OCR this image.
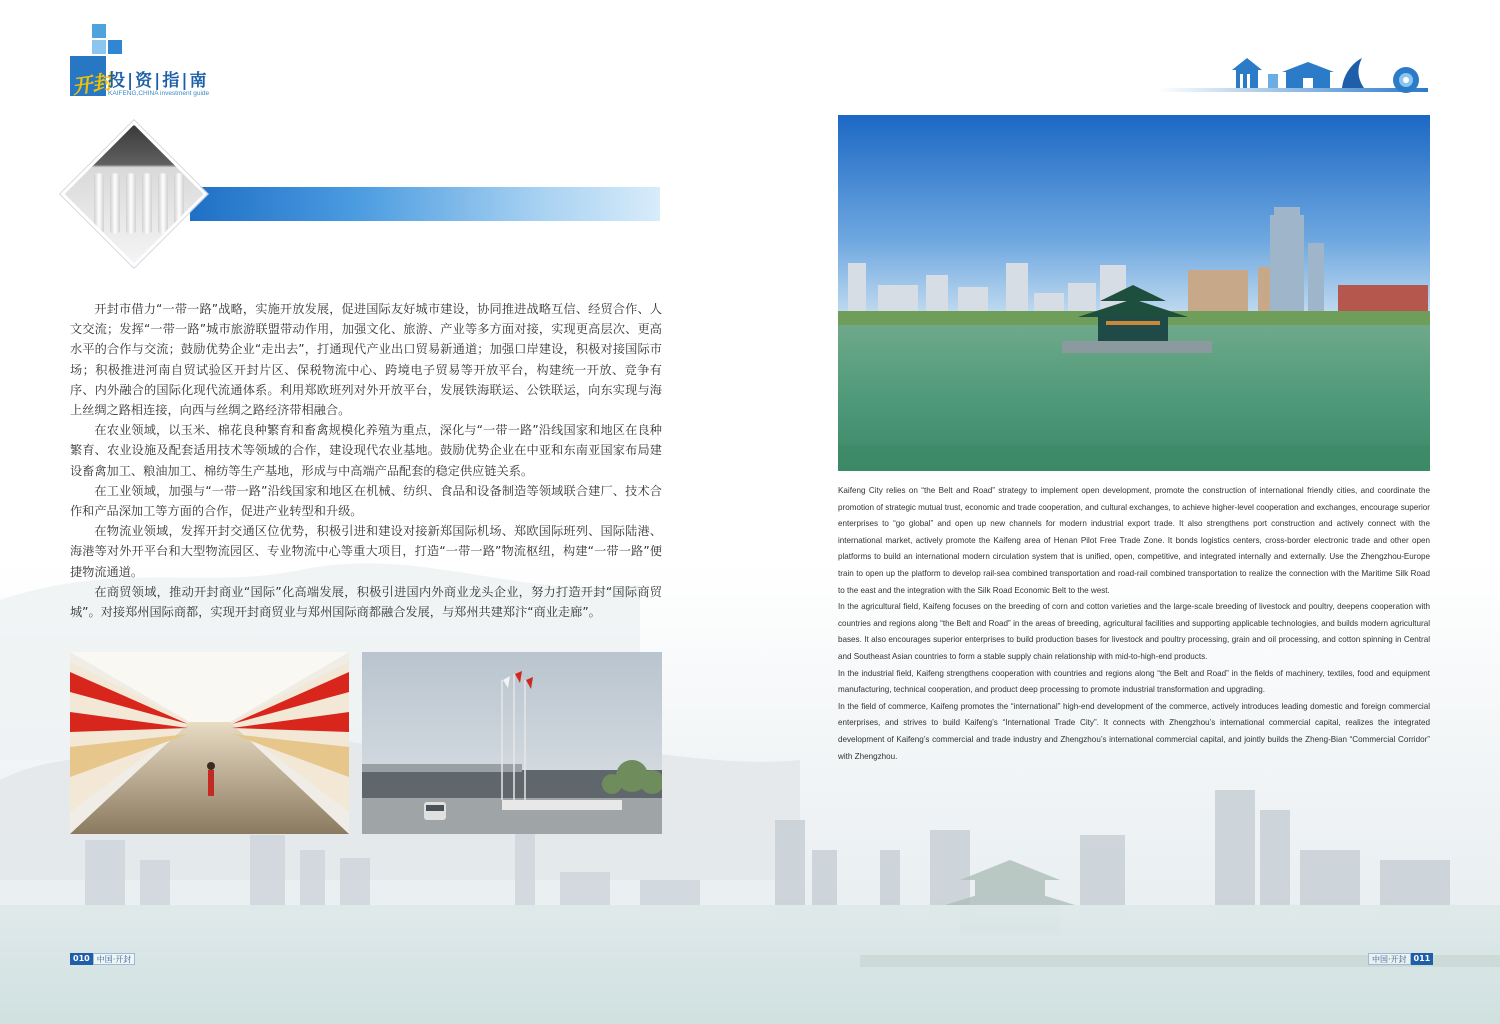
开封
投|资|指|南
KAIFENG,CHINA investment guide

开封市借力“一带一路”战略，实施开放发展，促进国际友好城市建设，协同推进战略互信、经贸合作、人文交流；发挥“一带一路”城市旅游联盟带动作用，加强文化、旅游、产业等多方面对接，实现更高层次、更高水平的合作与交流；鼓励优势企业“走出去”，打通现代产业出口贸易新通道；加强口岸建设，积极对接国际市场；积极推进河南自贸试验区开封片区、保税物流中心、跨境电子贸易等开放平台，构建统一开放、竞争有序、内外融合的国际化现代流通体系。利用郑欧班列对外开放平台，发展铁海联运、公铁联运，向东实现与海上丝绸之路相连接，向西与丝绸之路经济带相融合。

在农业领域，以玉米、棉花良种繁育和畜禽规模化养殖为重点，深化与“一带一路”沿线国家和地区在良种繁育、农业设施及配套适用技术等领域的合作，建设现代农业基地。鼓励优势企业在中亚和东南亚国家布局建设畜禽加工、粮油加工、棉纺等生产基地，形成与中高端产品配套的稳定供应链关系。

在工业领域，加强与“一带一路”沿线国家和地区在机械、纺织、食品和设备制造等领域联合建厂、技术合作和产品深加工等方面的合作，促进产业转型和升级。

在物流业领域，发挥开封交通区位优势，积极引进和建设对接新郑国际机场、郑欧国际班列、国际陆港、海港等对外开平台和大型物流园区、专业物流中心等重大项目，打造“一带一路”物流枢纽，构建“一带一路”便捷物流通道。

在商贸领域，推动开封商业“国际”化高端发展，积极引进国内外商业龙头企业，努力打造开封“国际商贸城”。对接郑州国际商都，实现开封商贸业与郑州国际商都融合发展，与郑州共建郑汴“商业走廊”。

Kaifeng City relies on “the Belt and Road” strategy to implement open development, promote the construction of international friendly cities, and coordinate the promotion of strategic mutual trust, economic and trade cooperation, and cultural exchanges, to achieve higher-level cooperation and exchanges, encourage superior enterprises to “go global” and open up new channels for modern industrial export trade. It also strengthens port construction and actively connect with the international market, actively promote the Kaifeng area of Henan Pilot Free Trade Zone. It bonds logistics centers, cross-border electronic trade and other open platforms to build an international modern circulation system that is unified, open, competitive, and integrated internally and externally. Use the Zhengzhou-Europe train to open up the platform to develop rail-sea combined transportation and road-rail combined transportation to realize the connection with the Maritime Silk Road to the east and the integration with the Silk Road Economic Belt to the west.

In the agricultural field, Kaifeng focuses on the breeding of corn and cotton varieties and the large-scale breeding of livestock and poultry, deepens cooperation with countries and regions along “the Belt and Road” in the areas of breeding, agricultural facilities and supporting applicable technologies, and builds modern agricultural bases. It also encourages superior enterprises to build production bases for livestock and poultry processing, grain and oil processing, and cotton spinning in Central and Southeast Asian countries to form a stable supply chain relationship with mid-to-high-end products.

In the industrial field, Kaifeng strengthens cooperation with countries and regions along “the Belt and Road” in the fields of machinery, textiles, food and equipment manufacturing, technical cooperation, and product deep processing to promote industrial transformation and upgrading.

In the field of commerce, Kaifeng promotes the “international” high-end development of the commerce, actively introduces leading domestic and foreign commercial enterprises, and strives to build Kaifeng’s “International Trade City”. It connects with Zhengzhou’s international commercial capital, realizes the integrated development of Kaifeng’s commercial and trade industry and Zhengzhou’s international commercial capital, and jointly builds the Zheng-Bian “Commercial Corridor” with Zhengzhou.

010 中国·开封	中国·开封 011
